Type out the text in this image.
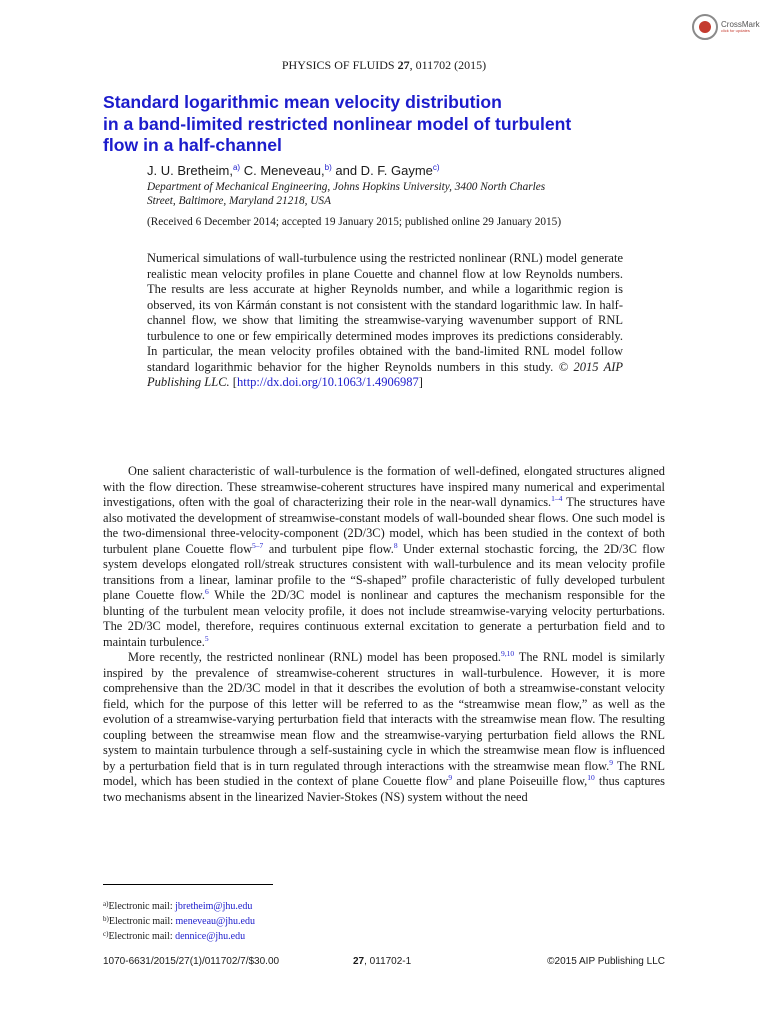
CrossMark
click for updates
PHYSICS OF FLUIDS 27, 011702 (2015)
Standard logarithmic mean velocity distribution
in a band-limited restricted nonlinear model of turbulent
flow in a half-channel
J. U. Bretheim,$^{a)}$ C. Meneveau,$^{b)}$ and D. F. Gayme$^{c)}$
Department of Mechanical Engineering, Johns Hopkins University, 3400 North Charles
Street, Baltimore, Maryland 21218, USA
(Received 6 December 2014; accepted 19 January 2015; published online 29 January 2015)
Numerical simulations of wall-turbulence using the restricted nonlinear (RNL) model generate realistic mean velocity profiles in plane Couette and channel flow at low Reynolds numbers. The results are less accurate at higher Reynolds number, and while a logarithmic region is observed, its von Kármán constant is not consistent with the standard logarithmic law. In half-channel flow, we show that limiting the streamwise-varying wavenumber support of RNL turbulence to one or few empirically determined modes improves its predictions considerably. In particular, the mean velocity profiles obtained with the band-limited RNL model follow standard logarithmic behavior for the higher Reynolds numbers in this study. © 2015 AIP Publishing LLC. [http://dx.doi.org/10.1063/1.4906987]

One salient characteristic of wall-turbulence is the formation of well-defined, elongated structures aligned with the flow direction. These streamwise-coherent structures have inspired many numerical and experimental investigations, often with the goal of characterizing their role in the near-wall dynamics.$^{1-4}$ The structures have also motivated the development of streamwise-constant models of wall-bounded shear flows. One such model is the two-dimensional three-velocity-component (2D/3C) model, which has been studied in the context of both turbulent plane Couette flow$^{5-7}$ and turbulent pipe flow.$^8$ Under external stochastic forcing, the 2D/3C flow system develops elongated roll/streak structures consistent with wall-turbulence and its mean velocity profile transitions from a linear, laminar profile to the “S-shaped” profile characteristic of fully developed turbulent plane Couette flow.$^6$ While the 2D/3C model is nonlinear and captures the mechanism responsible for the blunting of the turbulent mean velocity profile, it does not include streamwise-varying velocity perturbations. The 2D/3C model, therefore, requires continuous external excitation to generate a perturbation field and to maintain turbulence.$^5$

More recently, the restricted nonlinear (RNL) model has been proposed.$^{9,10}$ The RNL model is similarly inspired by the prevalence of streamwise-coherent structures in wall-turbulence. However, it is more comprehensive than the 2D/3C model in that it describes the evolution of both a streamwise-constant velocity field, which for the purpose of this letter will be referred to as the “streamwise mean flow,” as well as the evolution of a streamwise-varying perturbation field that interacts with the streamwise mean flow. The resulting coupling between the streamwise mean flow and the streamwise-varying perturbation field allows the RNL system to maintain turbulence through a self-sustaining cycle in which the streamwise mean flow is influenced by a perturbation field that is in turn regulated through interactions with the streamwise mean flow.$^9$ The RNL model, which has been studied in the context of plane Couette flow$^9$ and plane Poiseuille flow,$^{10}$ thus captures two mechanisms absent in the linearized Navier-Stokes (NS) system without the need

$^{a)}$Electronic mail: jbretheim@jhu.edu
$^{b)}$Electronic mail: meneveau@jhu.edu
$^{c)}$Electronic mail: dennice@jhu.edu
1070-6631/2015/27(1)/011702/7/$30.00	27, 011702-1	©2015 AIP Publishing LLC
